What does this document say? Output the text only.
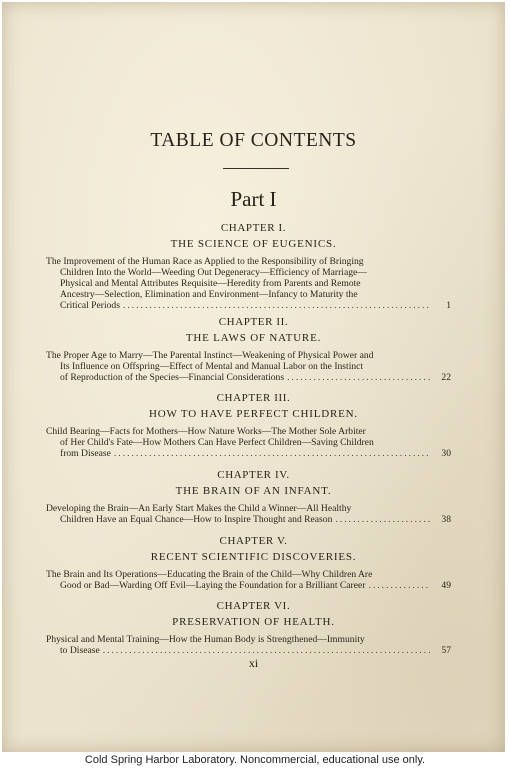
TABLE OF CONTENTS
Part I
CHAPTER I.
THE SCIENCE OF EUGENICS.
The Improvement of the Human Race as Applied to the Responsibility of Bringing
Children Into the World—Weeding Out Degeneracy—Efficiency of Marriage—
Physical and Mental Attributes Requisite—Heredity from Parents and Remote
Ancestry—Selection, Elimination and Environment—Infancy to Maturity the
Critical Periods .....	1
CHAPTER II.
THE LAWS OF NATURE.
The Proper Age to Marry—The Parental Instinct—Weakening of Physical Power and
Its Influence on Offspring—Effect of Mental and Manual Labor on the Instinct
of Reproduction of the Species—Financial Considerations .....	22
CHAPTER III.
HOW TO HAVE PERFECT CHILDREN.
Child Bearing—Facts for Mothers—How Nature Works—The Mother Sole Arbiter
of Her Child's Fate—How Mothers Can Have Perfect Children—Saving Children
from Disease .....	30
CHAPTER IV.
THE BRAIN OF AN INFANT.
Developing the Brain—An Early Start Makes the Child a Winner—All Healthy
Children Have an Equal Chance—How to Inspire Thought and Reason .....	38
CHAPTER V.
RECENT SCIENTIFIC DISCOVERIES.
The Brain and Its Operations—Educating the Brain of the Child—Why Children Are
Good or Bad—Warding Off Evil—Laying the Foundation for a Brilliant Career .....	49
CHAPTER VI.
PRESERVATION OF HEALTH.
Physical and Mental Training—How the Human Body is Strengthened—Immunity
to Disease .....	57
xi
Cold Spring Harbor Laboratory. Noncommercial, educational use only.
